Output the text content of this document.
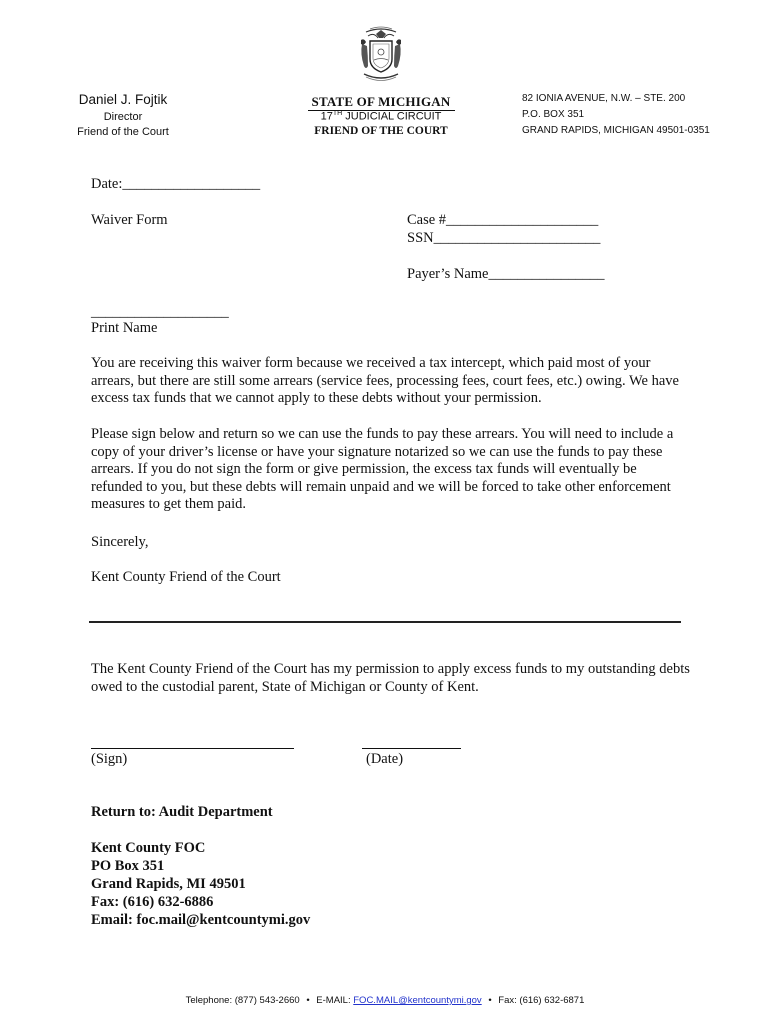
Daniel J. Fojtik
Director
Friend of the Court
STATE OF MICHIGAN
17TH JUDICIAL CIRCUIT
FRIEND OF THE COURT
82 IONIA AVENUE, N.W. – STE. 200
P.O. BOX 351
GRAND RAPIDS, MICHIGAN 49501-0351
Date:___________________
Waiver Form	Case #_____________________
SSN_______________________
Payer’s Name________________
___________________
Print Name
You are receiving this waiver form because we received a tax intercept, which paid most of your arrears, but there are still some arrears (service fees, processing fees, court fees, etc.) owing. We have excess tax funds that we cannot apply to these debts without your permission.
Please sign below and return so we can use the funds to pay these arrears. You will need to include a copy of your driver’s license or have your signature notarized so we can use the funds to pay these arrears. If you do not sign the form or give permission, the excess tax funds will eventually be refunded to you, but these debts will remain unpaid and we will be forced to take other enforcement measures to get them paid.
Sincerely,
Kent County Friend of the Court
The Kent County Friend of the Court has my permission to apply excess funds to my outstanding debts owed to the custodial parent, State of Michigan or County of Kent.
(Sign)	(Date)
Return to: Audit Department
Kent County FOC
PO Box 351
Grand Rapids, MI 49501
Fax: (616) 632-6886
Email: foc.mail@kentcountymi.gov
Telephone: (877) 543-2660 • E-MAIL: FOC.MAIL@kentcountymi.gov • Fax: (616) 632-6871
